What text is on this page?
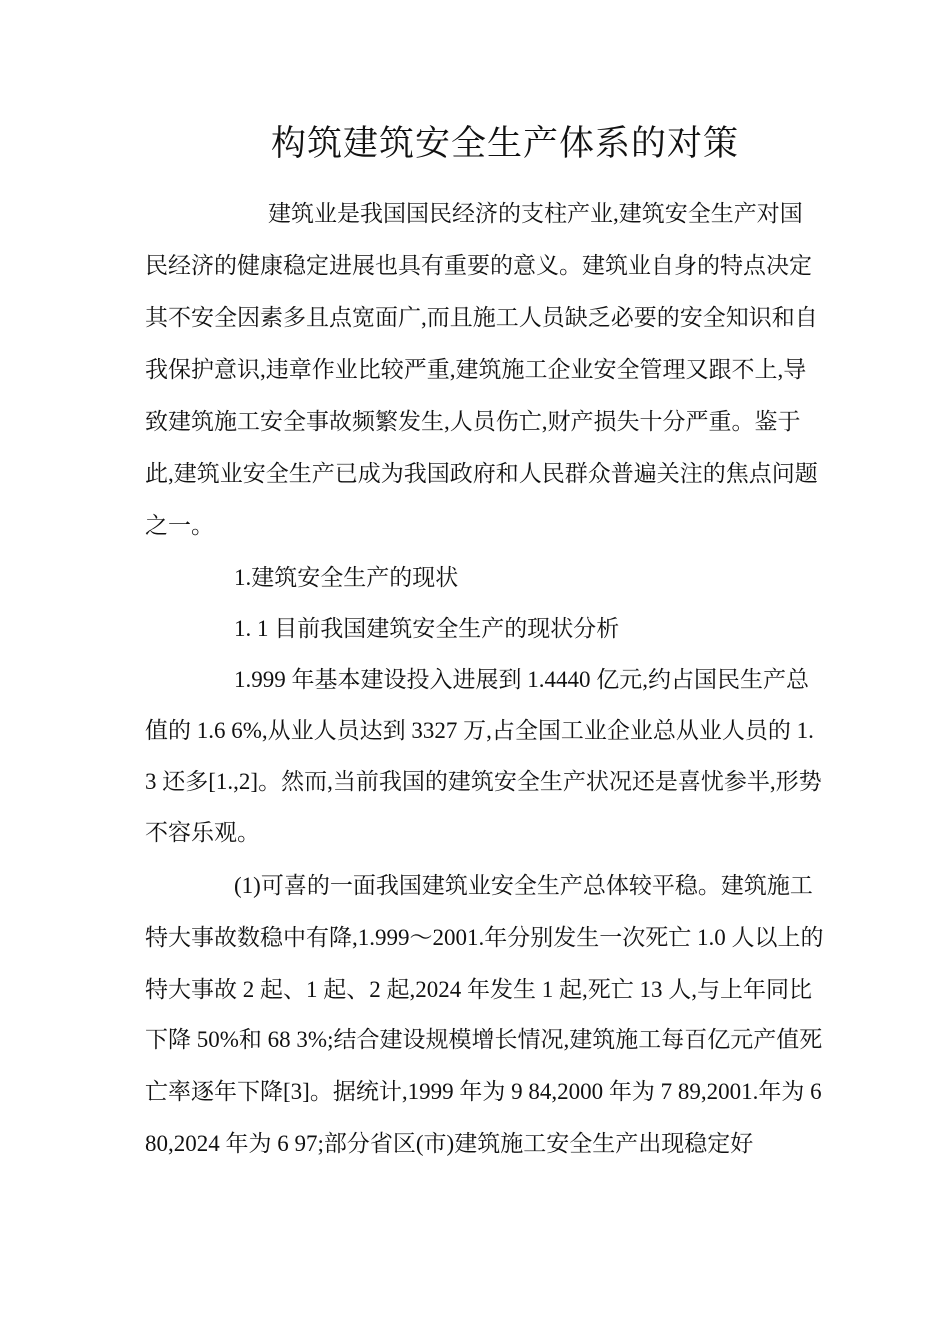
构筑建筑安全生产体系的对策
建筑业是我国国民经济的支柱产业,建筑安全生产对国
民经济的健康稳定进展也具有重要的意义。建筑业自身的特点决定
其不安全因素多且点宽面广,而且施工人员缺乏必要的安全知识和自
我保护意识,违章作业比较严重,建筑施工企业安全管理又跟不上,导
致建筑施工安全事故频繁发生,人员伤亡,财产损失十分严重。鉴于
此,建筑业安全生产已成为我国政府和人民群众普遍关注的焦点问题
之一。
1.建筑安全生产的现状
1. 1 目前我国建筑安全生产的现状分析
1.999 年基本建设投入进展到 1.4440 亿元,约占国民生产总
值的 1.6 6%,从业人员达到 3327 万,占全国工业企业总从业人员的 1.
3 还多[1.,2]。然而,当前我国的建筑安全生产状况还是喜忧参半,形势
不容乐观。
(1)可喜的一面我国建筑业安全生产总体较平稳。建筑施工
特大事故数稳中有降,1.999～2001.年分别发生一次死亡 1.0 人以上的
特大事故 2 起、1 起、2 起,2024 年发生 1 起,死亡 13 人,与上年同比
下降 50%和 68 3%;结合建设规模增长情况,建筑施工每百亿元产值死
亡率逐年下降[3]。据统计,1999 年为 9 84,2000 年为 7 89,2001.年为 6
80,2024 年为 6 97;部分省区(市)建筑施工安全生产出现稳定好
